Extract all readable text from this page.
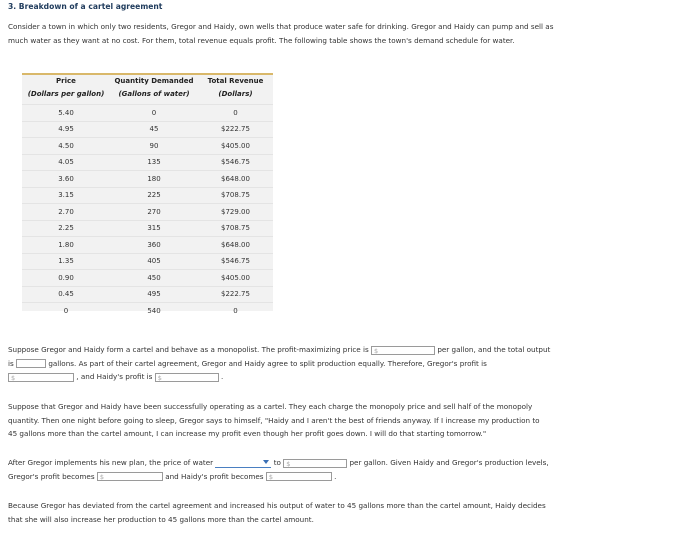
3. Breakdown of a cartel agreement
Consider a town in which only two residents, Gregor and Haidy, own wells that produce water safe for drinking. Gregor and Haidy can pump and sell as
much water as they want at no cost. For them, total revenue equals profit. The following table shows the town's demand schedule for water.
Price	Quantity Demanded	Total Revenue
(Dollars per gallon)	(Gallons of water)	(Dollars)
5.40	0	0
4.95	45	$222.75
4.50	90	$405.00
4.05	135	$546.75
3.60	180	$648.00
3.15	225	$708.75
2.70	270	$729.00
2.25	315	$708.75
1.80	360	$648.00
1.35	405	$546.75
0.90	450	$405.00
0.45	495	$222.75
0	540	0
Suppose Gregor and Haidy form a cartel and behave as a monopolist. The profit-maximizing price is $	per gallon, and the total output
is	gallons. As part of their cartel agreement, Gregor and Haidy agree to split production equally. Therefore, Gregor's profit is
$	, and Haidy's profit is $	.
Suppose that Gregor and Haidy have been successfully operating as a cartel. They each charge the monopoly price and sell half of the monopoly
quantity. Then one night before going to sleep, Gregor says to himself, "Haidy and I aren't the best of friends anyway. If I increase my production to
45 gallons more than the cartel amount, I can increase my profit even though her profit goes down. I will do that starting tomorrow."
After Gregor implements his new plan, the price of water	to $	per gallon. Given Haidy and Gregor's production levels,
Gregor's profit becomes $	and Haidy's profit becomes $	.
Because Gregor has deviated from the cartel agreement and increased his output of water to 45 gallons more than the cartel amount, Haidy decides
that she will also increase her production to 45 gallons more than the cartel amount.
